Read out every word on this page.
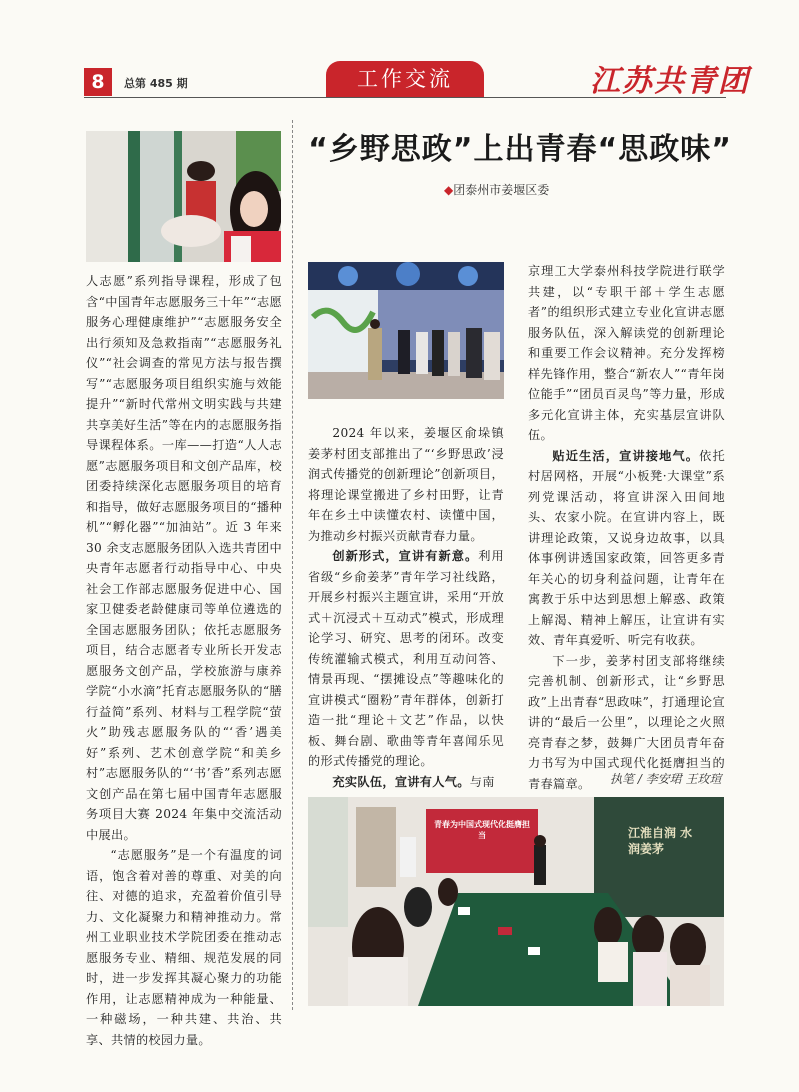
8	总第 485 期	工作交流	江苏共青团

人志愿”系列指导课程，形成了包含“中国青年志愿服务三十年”“志愿服务心理健康维护”“志愿服务安全出行须知及急救指南”“志愿服务礼仪”“社会调查的常见方法与报告撰写”“志愿服务项目组织实施与效能提升”“新时代常州文明实践与共建共享美好生活”等在内的志愿服务指导课程体系。一库——打造“人人志愿”志愿服务项目和文创产品库，校团委持续深化志愿服务项目的培育和指导，做好志愿服务项目的“播种机”“孵化器”“加油站”。近 3 年来 30 余支志愿服务团队入选共青团中央青年志愿者行动指导中心、中央社会工作部志愿服务促进中心、国家卫健委老龄健康司等单位遴选的全国志愿服务团队；依托志愿服务项目，结合志愿者专业所长开发志愿服务文创产品，学校旅游与康养学院“小水滴”托育志愿服务队的“膳行益简”系列、材料与工程学院“萤火”助残志愿服务队的“‘香’遇美好”系列、艺术创意学院“和美乡村”志愿服务队的“‘书’香”系列志愿文创产品在第七届中国青年志愿服务项目大赛 2024 年集中交流活动中展出。

“志愿服务”是一个有温度的词语，饱含着对善的尊重、对美的向往、对德的追求，充盈着价值引导力、文化凝聚力和精神推动力。常州工业职业技术学院团委在推动志愿服务专业、精细、规范发展的同时，进一步发挥其凝心聚力的功能作用，让志愿精神成为一种能量、一种磁场，一种共建、共治、共享、共情的校园力量。

“乡野思政”上出青春“思政味”
◆团泰州市姜堰区委

2024 年以来，姜堰区俞垛镇姜茅村团支部推出了“‘乡野思政’浸润式传播党的创新理论”创新项目，将理论课堂搬进了乡村田野，让青年在乡土中读懂农村、读懂中国，为推动乡村振兴贡献青春力量。

创新形式，宣讲有新意。利用省级“乡俞姜茅”青年学习社线路，开展乡村振兴主题宣讲，采用“开放式＋沉浸式＋互动式”模式，形成理论学习、研究、思考的闭环。改变传统灌输式模式，利用互动问答、情景再现、“摆摊设点”等趣味化的宣讲模式“圈粉”青年群体，创新打造一批“理论＋文艺”作品，以快板、舞台剧、歌曲等青年喜闻乐见的形式传播党的理论。

充实队伍，宣讲有人气。与南

京理工大学泰州科技学院进行联学共建，以“专职干部＋学生志愿者”的组织形式建立专业化宣讲志愿服务队伍，深入解读党的创新理论和重要工作会议精神。充分发挥榜样先锋作用，整合“新农人”“青年岗位能手”“团员百灵鸟”等力量，形成多元化宣讲主体，充实基层宣讲队伍。

贴近生活，宣讲接地气。依托村居网格，开展“小板凳·大课堂”系列党课活动，将宣讲深入田间地头、农家小院。在宣讲内容上，既讲理论政策，又说身边故事，以具体事例讲透国家政策，回答更多青年关心的切身利益问题，让青年在寓教于乐中达到思想上解惑、政策上解渴、精神上解压，让宣讲有实效、青年真爱听、听完有收获。

下一步，姜茅村团支部将继续完善机制、创新形式，让“乡野思政”上出青春“思政味”，打通理论宣讲的“最后一公里”，以理论之火照亮青春之梦，鼓舞广大团员青年奋力书写为中国式现代化挺膺担当的青春篇章。	执笔 / 李安珺 王玫瑄
青春为中国式现代化挺膺担当	江淮自润 水润姜茅
